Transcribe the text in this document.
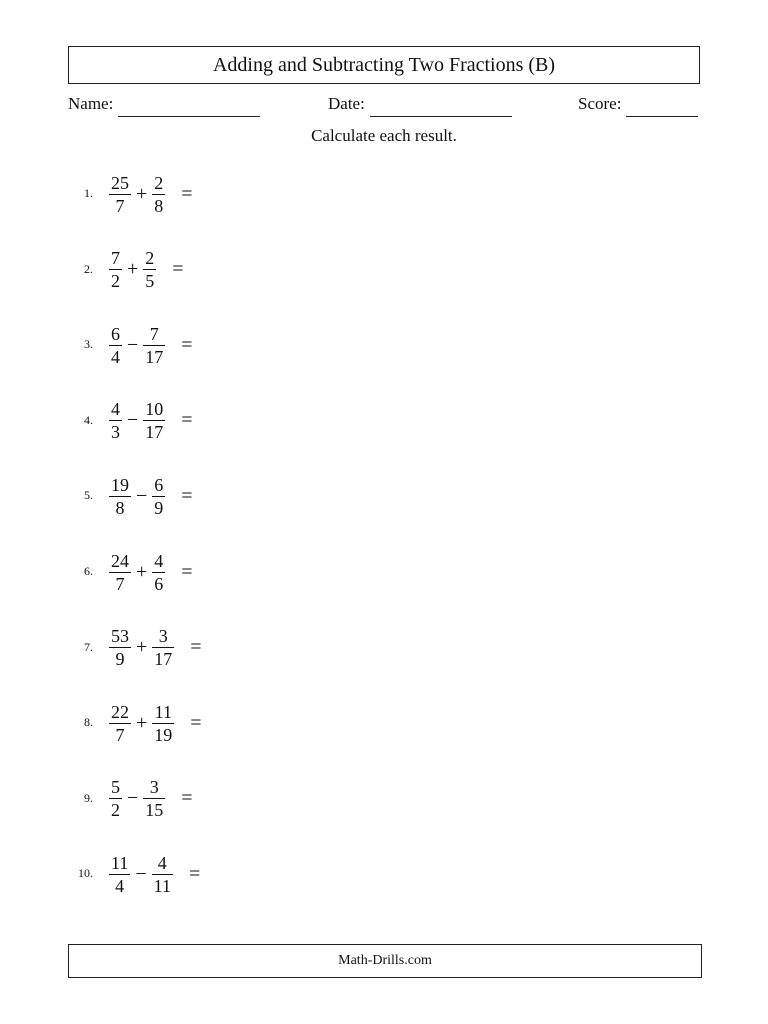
Adding and Subtracting Two Fractions (B)
Name:	Date:	Score:
Calculate each result.
1. $\frac{25}{7} + \frac{2}{8}$ =
2. $\frac{7}{2} + \frac{2}{5}$ =
3. $\frac{6}{4} - \frac{7}{17}$ =
4. $\frac{4}{3} - \frac{10}{17}$ =
5. $\frac{19}{8} - \frac{6}{9}$ =
6. $\frac{24}{7} + \frac{4}{6}$ =
7. $\frac{53}{9} + \frac{3}{17}$ =
8. $\frac{22}{7} + \frac{11}{19}$ =
9. $\frac{5}{2} - \frac{3}{15}$ =
10. $\frac{11}{4} - \frac{4}{11}$ =
Math-Drills.com
